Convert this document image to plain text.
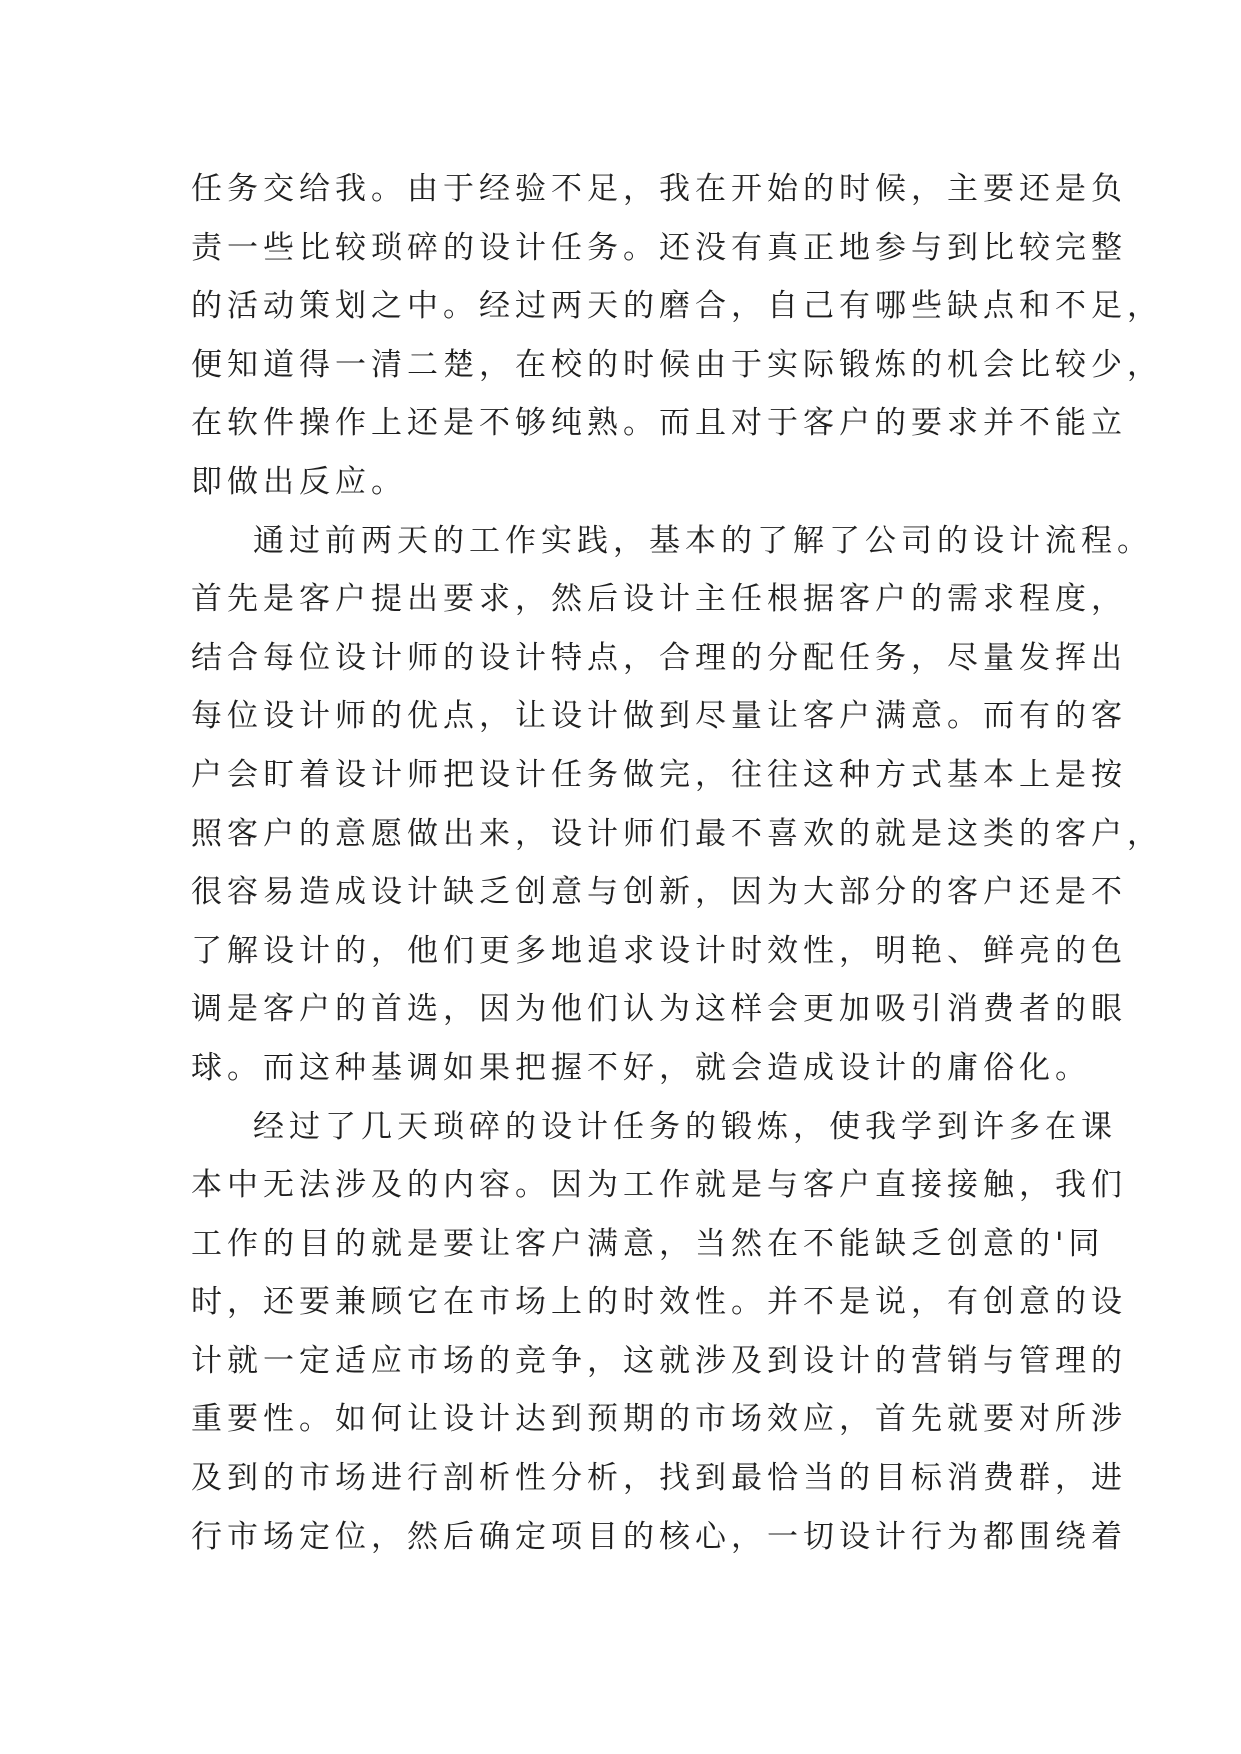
任务交给我。由于经验不足，我在开始的时候，主要还是负
责一些比较琐碎的设计任务。还没有真正地参与到比较完整
的活动策划之中。经过两天的磨合，自己有哪些缺点和不足，
便知道得一清二楚，在校的时候由于实际锻炼的机会比较少，
在软件操作上还是不够纯熟。而且对于客户的要求并不能立
即做出反应。
通过前两天的工作实践，基本的了解了公司的设计流程。
首先是客户提出要求，然后设计主任根据客户的需求程度，
结合每位设计师的设计特点，合理的分配任务，尽量发挥出
每位设计师的优点，让设计做到尽量让客户满意。而有的客
户会盯着设计师把设计任务做完，往往这种方式基本上是按
照客户的意愿做出来，设计师们最不喜欢的就是这类的客户，
很容易造成设计缺乏创意与创新，因为大部分的客户还是不
了解设计的，他们更多地追求设计时效性，明艳、鲜亮的色
调是客户的首选，因为他们认为这样会更加吸引消费者的眼
球。而这种基调如果把握不好，就会造成设计的庸俗化。
经过了几天琐碎的设计任务的锻炼，使我学到许多在课
本中无法涉及的内容。因为工作就是与客户直接接触，我们
工作的目的就是要让客户满意，当然在不能缺乏创意的'同
时，还要兼顾它在市场上的时效性。并不是说，有创意的设
计就一定适应市场的竞争，这就涉及到设计的营销与管理的
重要性。如何让设计达到预期的市场效应，首先就要对所涉
及到的市场进行剖析性分析，找到最恰当的目标消费群，进
行市场定位，然后确定项目的核心，一切设计行为都围绕着
